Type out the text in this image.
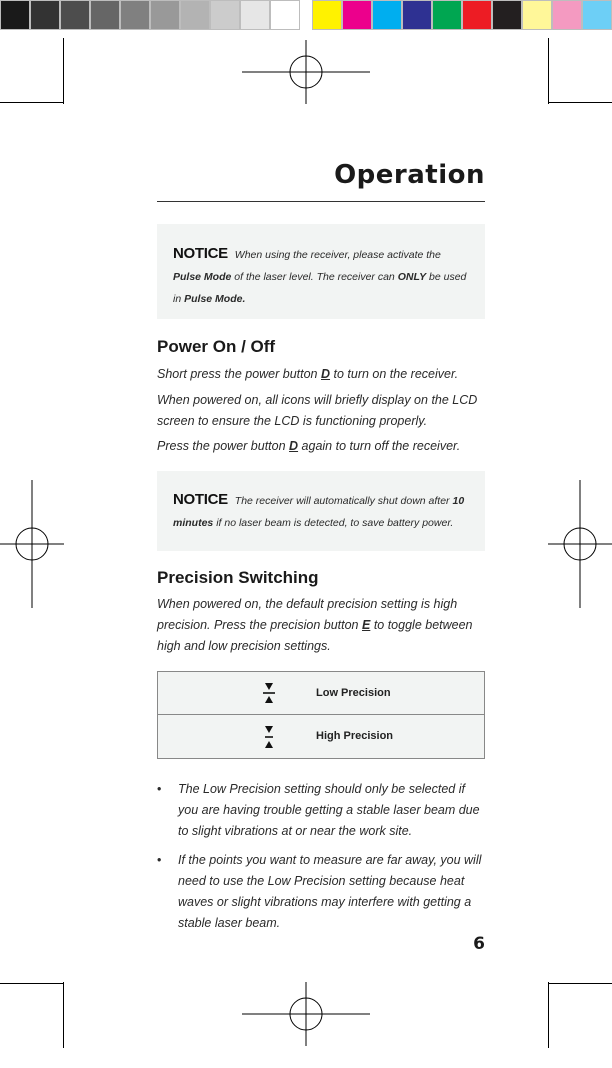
Operation
NOTICE When using the receiver, please activate the Pulse Mode of the laser level. The receiver can ONLY be used in Pulse Mode.
Power On / Off
Short press the power button D to turn on the receiver.
When powered on, all icons will briefly display on the LCD screen to ensure the LCD is functioning properly.
Press the power button D again to turn off the receiver.
NOTICE The receiver will automatically shut down after 10 minutes if no laser beam is detected, to save battery power.
Precision Switching
When powered on, the default precision setting is high precision. Press the precision button E to toggle between high and low precision settings.
Low Precision
High Precision
• The Low Precision setting should only be selected if you are having trouble getting a stable laser beam due to slight vibrations at or near the work site.
• If the points you want to measure are far away, you will need to use the Low Precision setting because heat waves or slight vibrations may interfere with getting a stable laser beam.
6
